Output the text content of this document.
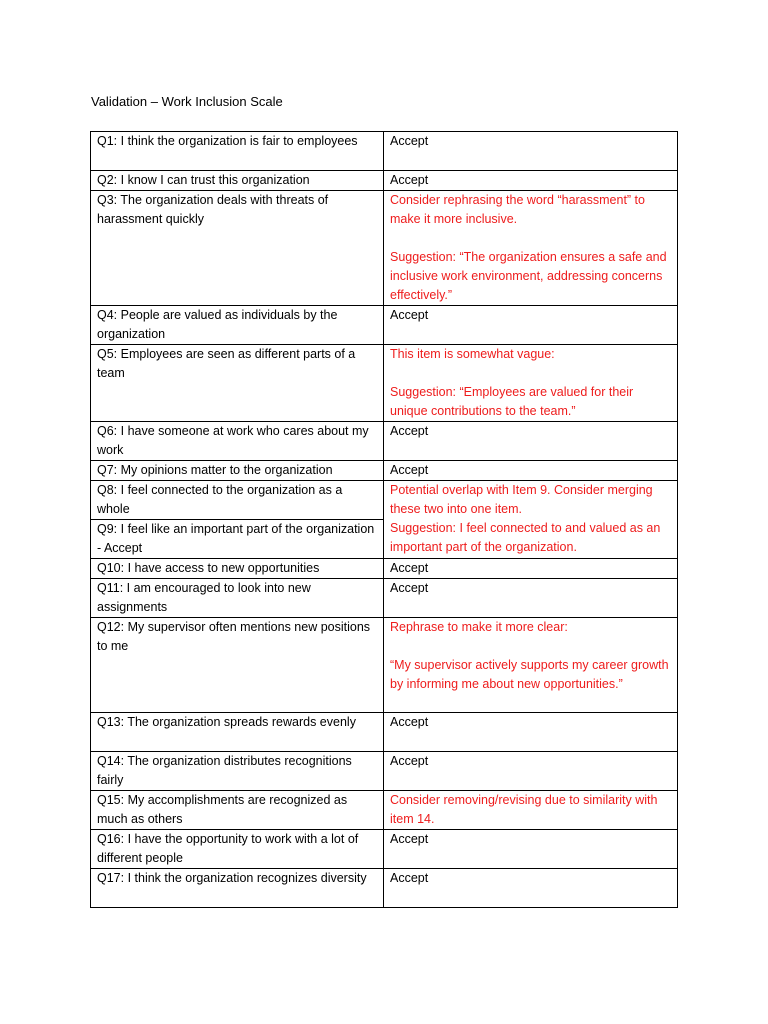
Validation – Work Inclusion Scale
Q1: I think the organization is fair to employees	Accept

Q2: I know I can trust this organization	Accept

Q3: The organization deals with threats of harassment quickly	Consider rephrasing the word “harassment” to make it more inclusive.

Suggestion: “The organization ensures a safe and inclusive work environment, addressing concerns effectively.”

Q4: People are valued as individuals by the organization	Accept

Q5: Employees are seen as different parts of a team	This item is somewhat vague:

Suggestion: “Employees are valued for their unique contributions to the team.”

Q6: I have someone at work who cares about my work	Accept

Q7: My opinions matter to the organization	Accept

Q8: I feel connected to the organization as a whole	Potential overlap with Item 9. Consider merging these two into one item.
Suggestion: I feel connected to and valued as an important part of the organization.

Q9: I feel like an important part of the organization - Accept	

Q10: I have access to new opportunities	Accept

Q11: I am encouraged to look into new assignments	Accept

Q12: My supervisor often mentions new positions to me	Rephrase to make it more clear:

“My supervisor actively supports my career growth by informing me about new opportunities.”

Q13: The organization spreads rewards evenly	Accept

Q14: The organization distributes recognitions fairly	Accept

Q15: My accomplishments are recognized as much as others	Consider removing/revising due to similarity with item 14.

Q16: I have the opportunity to work with a lot of different people	Accept

Q17: I think the organization recognizes diversity	Accept
